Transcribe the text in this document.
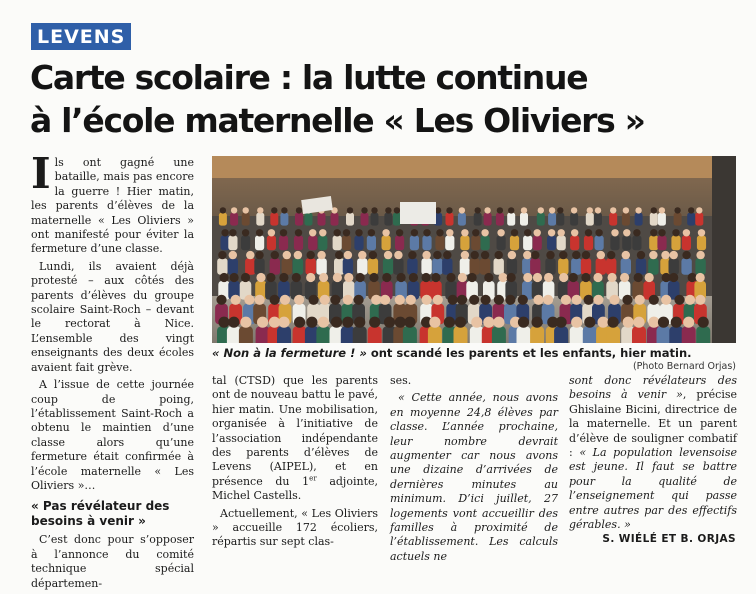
LEVENS
Carte scolaire : la lutte continue
à l’école maternelle « Les Oliviers »

Ils ont gagné une bataille, mais pas encore la guerre ! Hier matin, les parents d’élèves de la maternelle « Les Oliviers » ont manifesté pour éviter la fermeture d’une classe.

Lundi, ils avaient déjà protesté – aux côtés des parents d’élèves du groupe scolaire Saint-Roch – devant le rectorat à Nice. L’ensemble des vingt enseignants des deux écoles avaient fait grève.

A l’issue de cette journée coup de poing, l’établissement Saint-Roch a obtenu le maintien d’une classe alors qu’une fermeture était confirmée à l’école maternelle « Les Oliviers »…

« Pas révélateur des besoins à venir »

C’est donc pour s’opposer à l’annonce du comité technique spécial départemen-

« Non à la fermeture ! » ont scandé les parents et les enfants, hier matin.
(Photo Bernard Orjas)

tal (CTSD) que les parents ont de nouveau battu le pavé, hier matin. Une mobilisation, organisée à l’initiative de l’association indépendante des parents d’élèves de Levens (AIPEL), et en présence du 1er adjointe, Michel Castells.

Actuellement, « Les Oliviers » accueille 172 écoliers, répartis sur sept clas-

ses.

« Cette année, nous avons en moyenne 24,8 élèves par classe. L’année prochaine, leur nombre devrait augmenter car nous avons une dizaine d’arrivées de dernières minutes au minimum. D’ici juillet, 27 logements vont accueillir des familles à proximité de l’établissement. Les calculs actuels ne

sont donc révélateurs des besoins à venir », précise Ghislaine Bicini, directrice de la maternelle. Et un parent d’élève de souligner combatif : « La population levensoise est jeune. Il faut se battre pour la qualité de l’enseignement qui passe entre autres par des effectifs gérables. »

S. WIÉLÉ ET B. ORJAS
